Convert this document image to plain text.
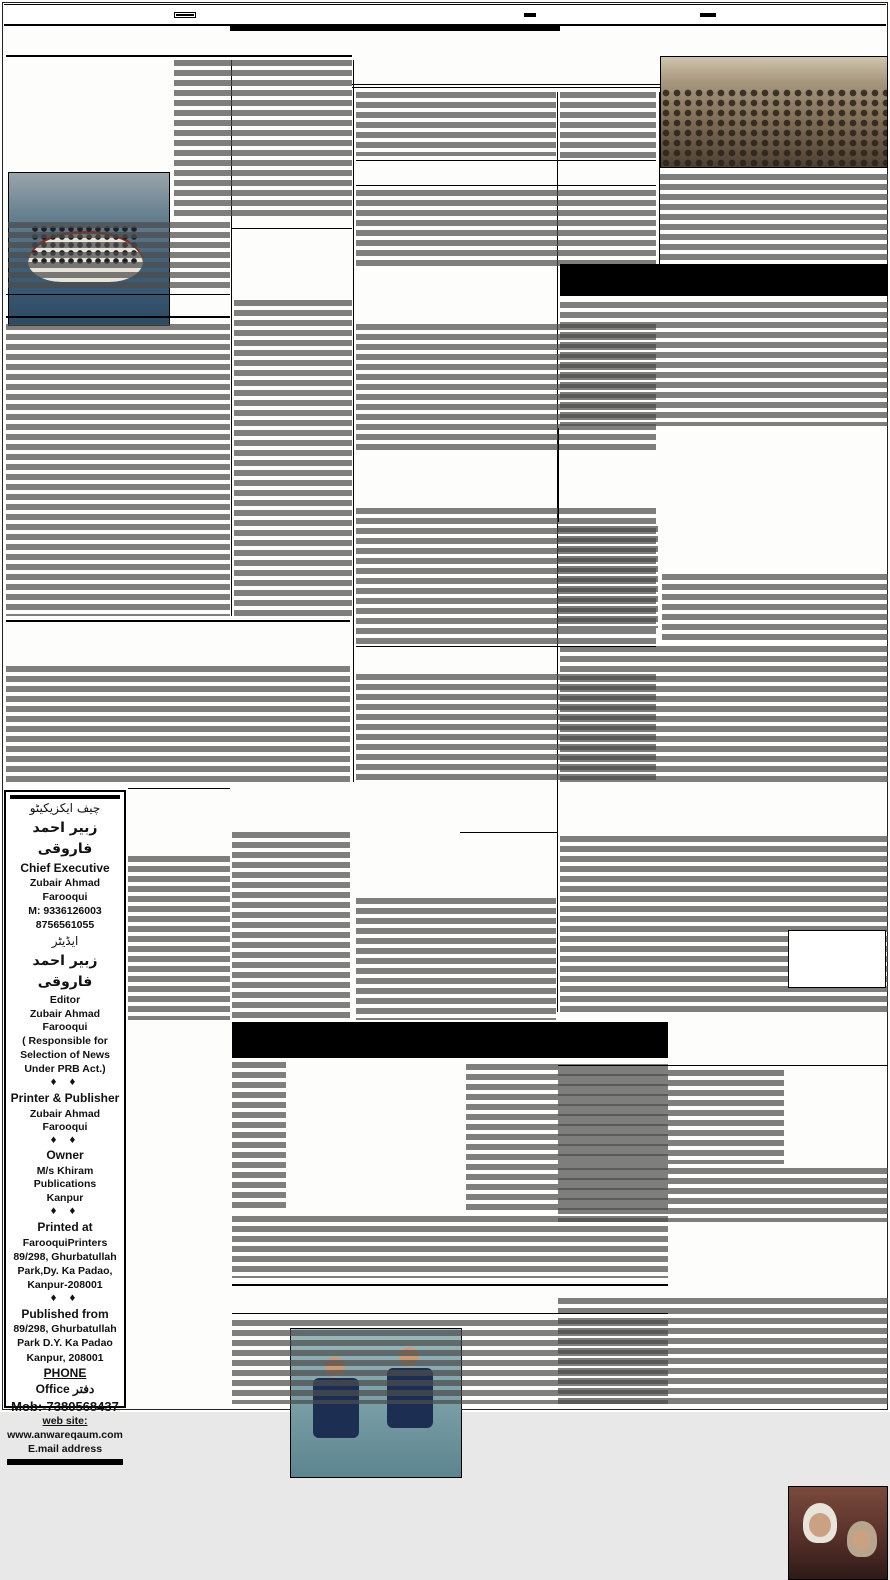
چیف ایکزیکیٹو
زبیر احمد فاروقی
Chief Executive
Zubair Ahmad Farooqui
M: 9336126003
8756561055
ایڈیٹر
زبیر احمد فاروقی
Editor
Zubair Ahmad Farooqui
( Responsible for
Selection of News
Under PRB Act.)
♦ ♦
Printer & Publisher
Zubair Ahmad Farooqui
♦ ♦
Owner
M/s Khiram Publications
Kanpur
♦ ♦
Printed at
FarooquiPrinters
89/298, Ghurbatullah
Park,Dy. Ka Padao,
Kanpur-208001
♦ ♦
Published from
89/298, Ghurbatullah
Park D.Y. Ka Padao
Kanpur, 208001
PHONE
Office دفتر
Mob:-7380568437
web site:
www.anwareqaum.com
E.mail address
